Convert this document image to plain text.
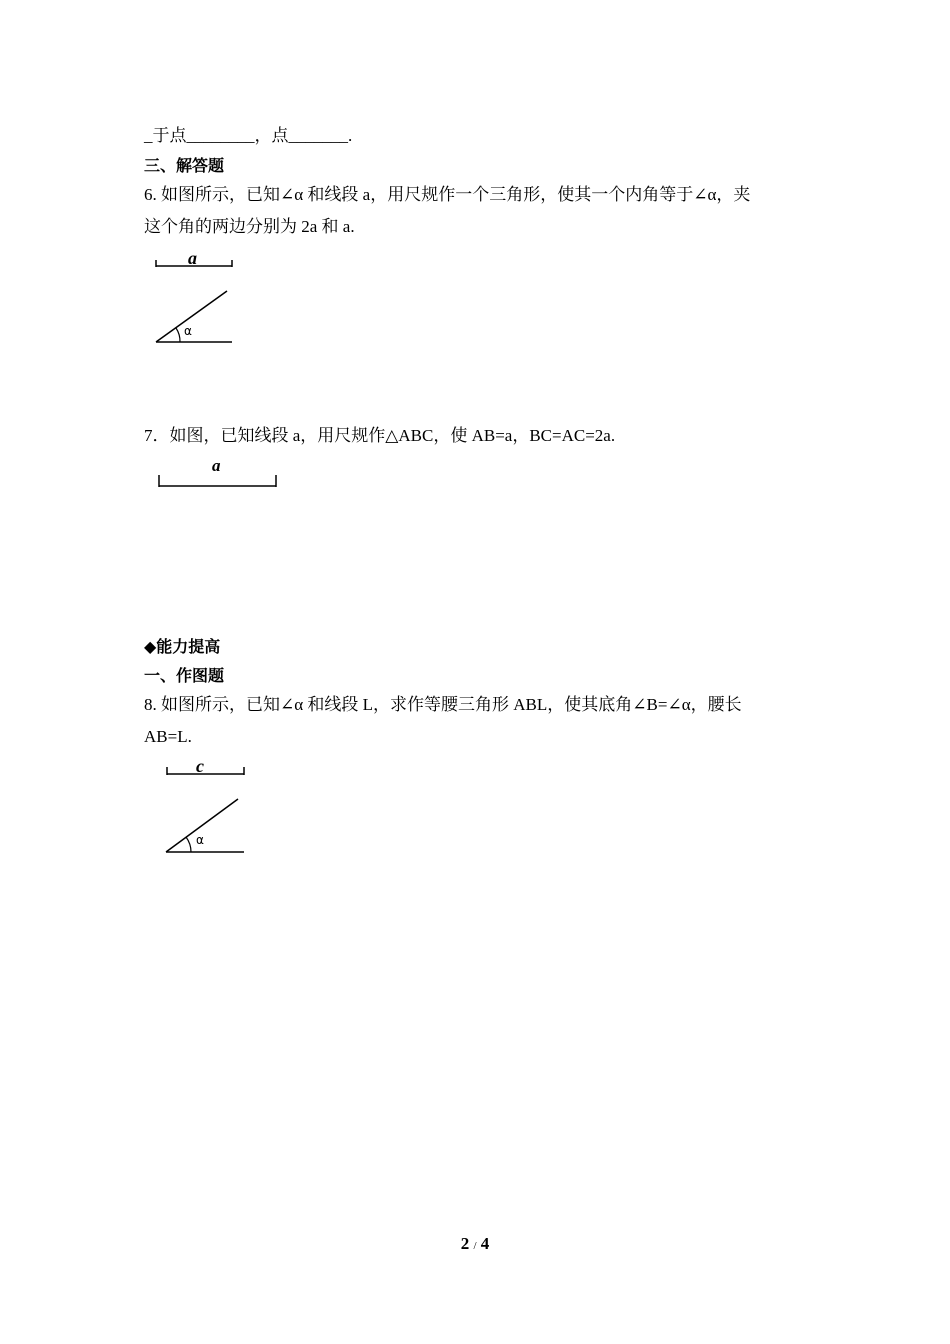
_于点________，点_______.
三、解答题
6. 如图所示，已知∠α 和线段 a，用尺规作一个三角形，使其一个内角等于∠α，夹
这个角的两边分别为 2a 和 a.
a
α
7．如图，已知线段 a，用尺规作△ABC，使 AB=a，BC=AC=2a.
a
◆能力提高
一、作图题
8. 如图所示，已知∠α 和线段 L，求作等腰三角形 ABL，使其底角∠B=∠α，腰长
AB=L.
c
α
2 / 4
